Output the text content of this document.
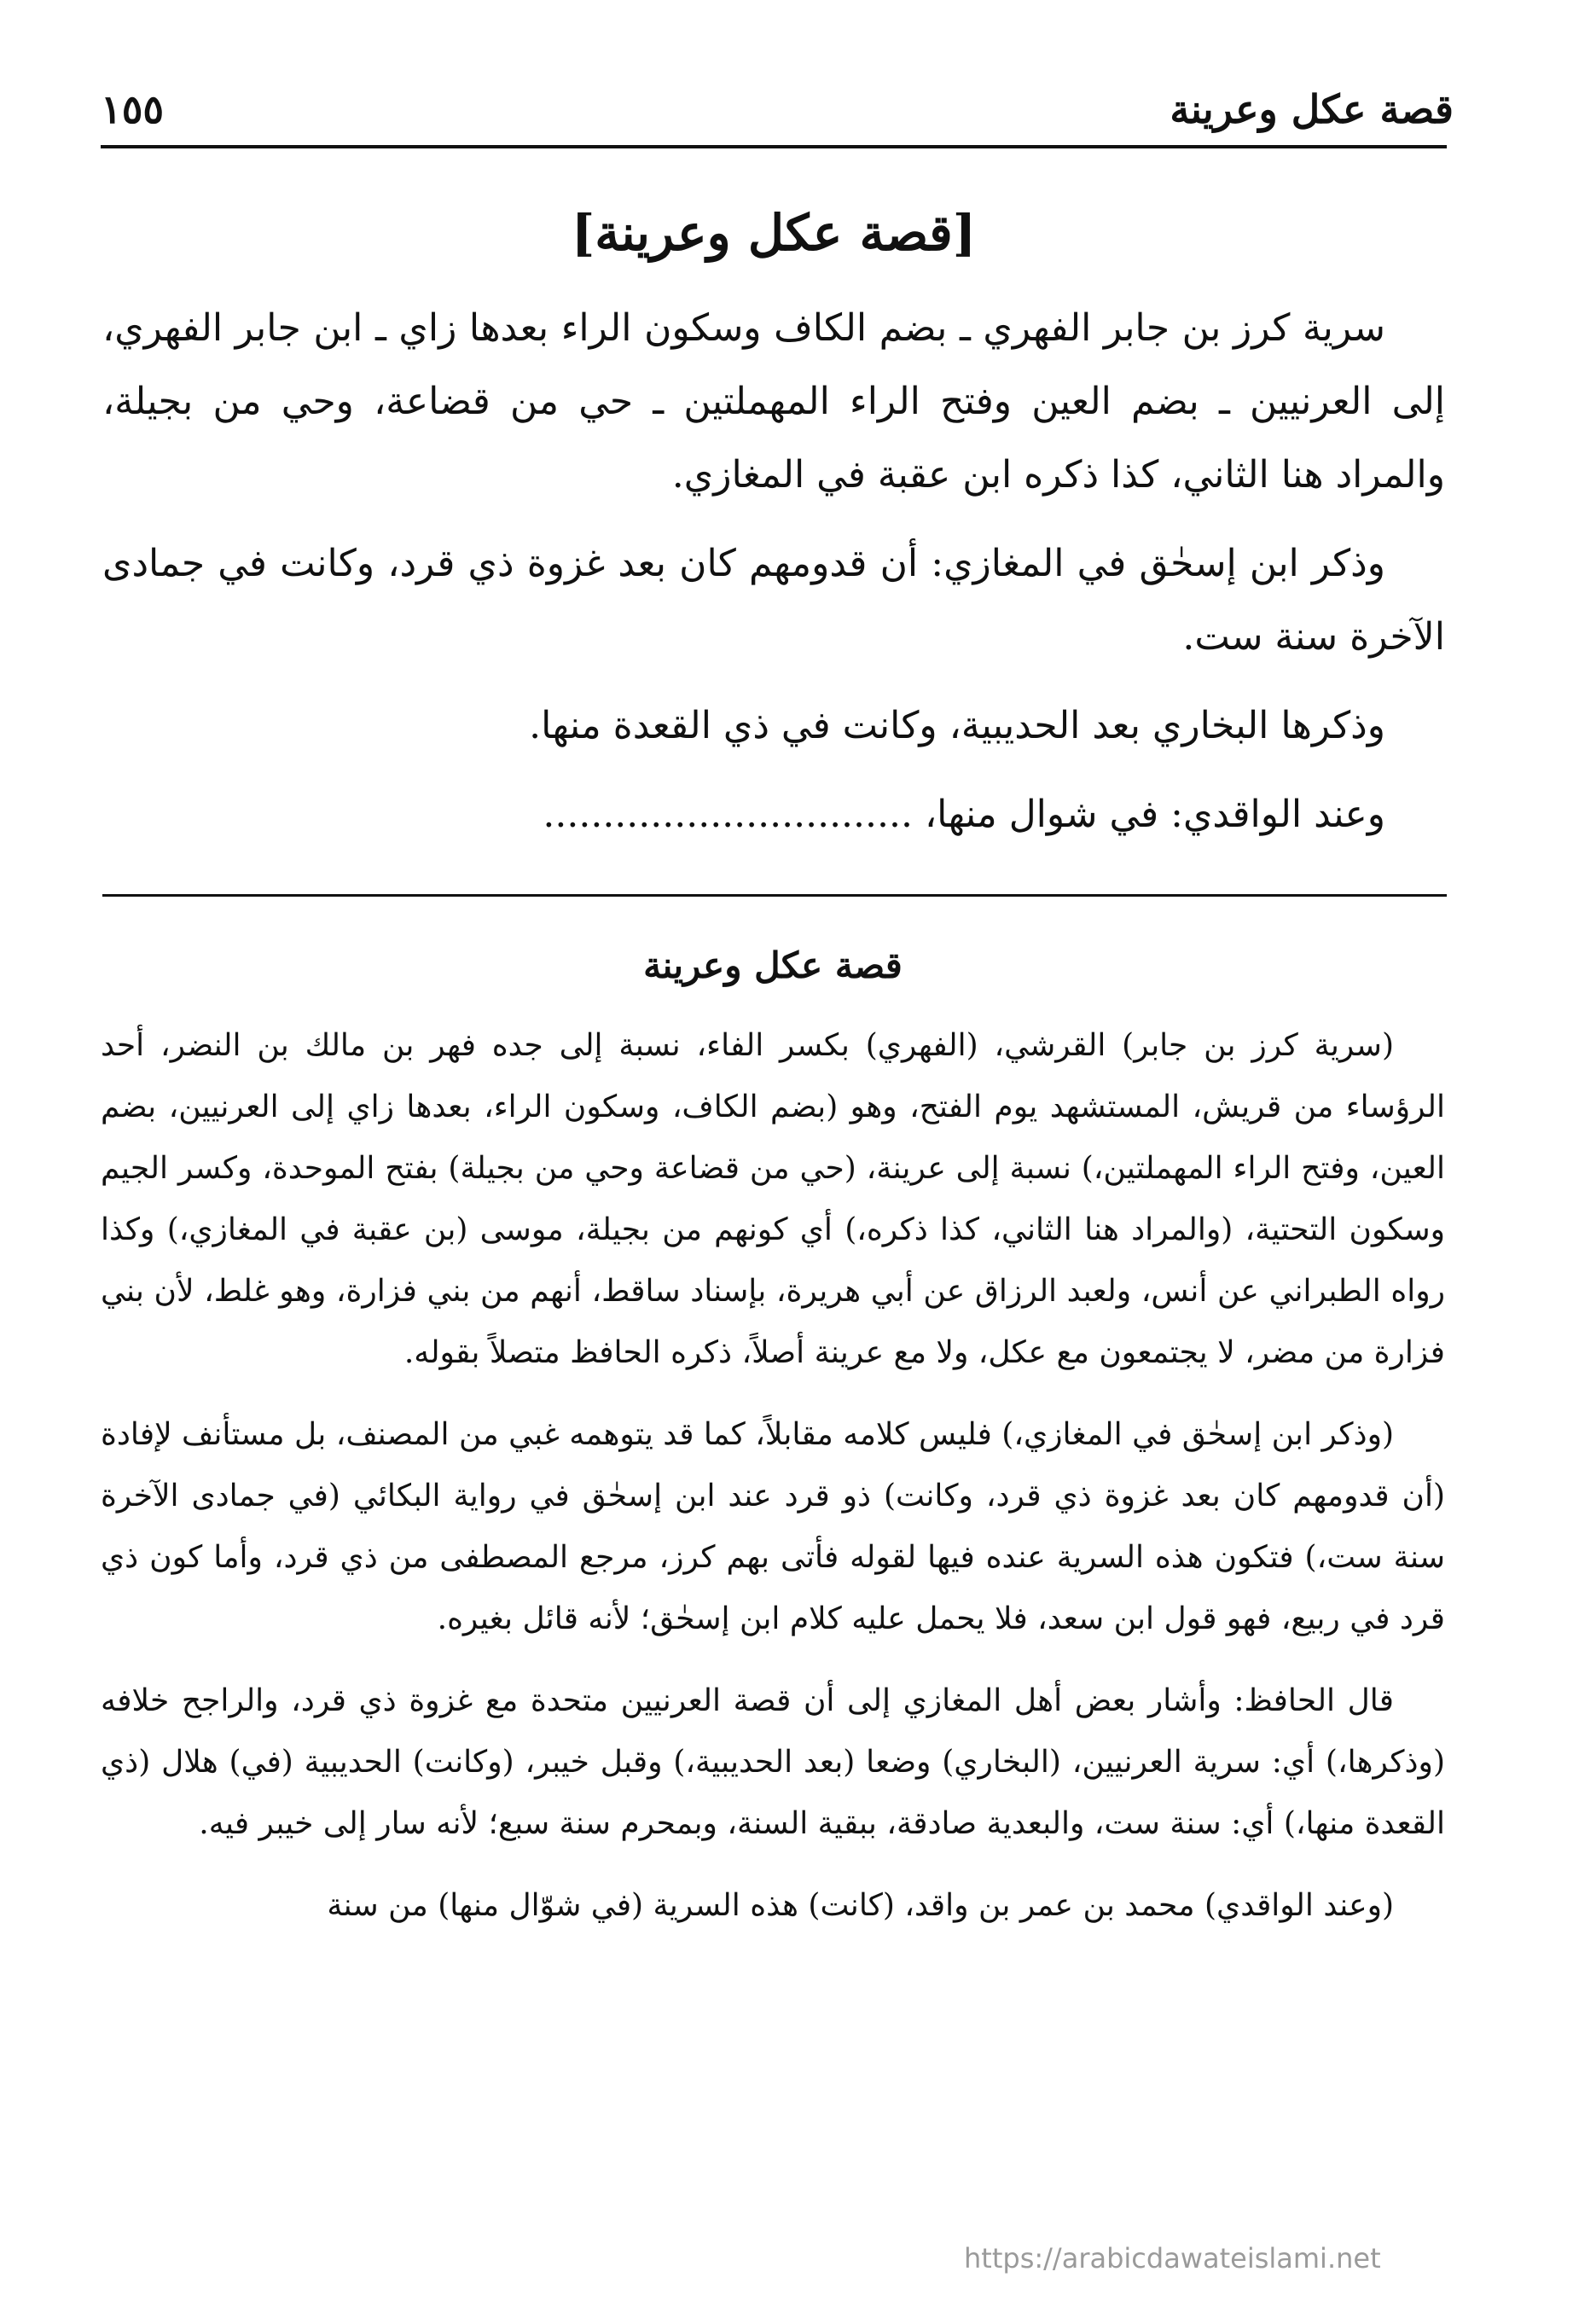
قصة عكل وعرينة
١٥٥
[قصة عكل وعرينة]

سرية كرز بن جابر الفهري ـ بضم الكاف وسكون الراء بعدها زاي ـ ابن جابر الفهري، إلى العرنيين ـ بضم العين وفتح الراء المهملتين ـ حي من قضاعة، وحي من بجيلة، والمراد هنا الثاني، كذا ذكره ابن عقبة في المغازي.

وذكر ابن إسحٰق في المغازي: أن قدومهم كان بعد غزوة ذي قرد، وكانت في جمادى الآخرة سنة ست.

وذكرها البخاري بعد الحديبية، وكانت في ذي القعدة منها.

وعند الواقدي: في شوال منها، ...............................

قصة عكل وعرينة

(سرية كرز بن جابر) القرشي، (الفهري) بكسر الفاء، نسبة إلى جده فهر بن مالك بن النضر، أحد الرؤساء من قريش، المستشهد يوم الفتح، وهو (بضم الكاف، وسكون الراء، بعدها زاي إلى العرنيين، بضم العين، وفتح الراء المهملتين،) نسبة إلى عرينة، (حي من قضاعة وحي من بجيلة) بفتح الموحدة، وكسر الجيم وسكون التحتية، (والمراد هنا الثاني، كذا ذكره،) أي كونهم من بجيلة، موسى (بن عقبة في المغازي،) وكذا رواه الطبراني عن أنس، ولعبد الرزاق عن أبي هريرة، بإسناد ساقط، أنهم من بني فزارة، وهو غلط، لأن بني فزارة من مضر، لا يجتمعون مع عكل، ولا مع عرينة أصلاً، ذكره الحافظ متصلاً بقوله.

(وذكر ابن إسحٰق في المغازي،) فليس كلامه مقابلاً، كما قد يتوهمه غبي من المصنف، بل مستأنف لإفادة (أن قدومهم كان بعد غزوة ذي قرد، وكانت) ذو قرد عند ابن إسحٰق في رواية البكائي (في جمادى الآخرة سنة ست،) فتكون هذه السرية عنده فيها لقوله فأتى بهم كرز، مرجع المصطفى من ذي قرد، وأما كون ذي قرد في ربيع، فهو قول ابن سعد، فلا يحمل عليه كلام ابن إسحٰق؛ لأنه قائل بغيره.

قال الحافظ: وأشار بعض أهل المغازي إلى أن قصة العرنيين متحدة مع غزوة ذي قرد، والراجح خلافه (وذكرها،) أي: سرية العرنيين، (البخاري) وضعا (بعد الحديبية،) وقبل خيبر، (وكانت) الحديبية (في) هلال (ذي القعدة منها،) أي: سنة ست، والبعدية صادقة، ببقية السنة، وبمحرم سنة سبع؛ لأنه سار إلى خيبر فيه.

(وعند الواقدي) محمد بن عمر بن واقد، (كانت) هذه السرية (في شوّال منها) من سنة

https://arabicdawateislami.net
